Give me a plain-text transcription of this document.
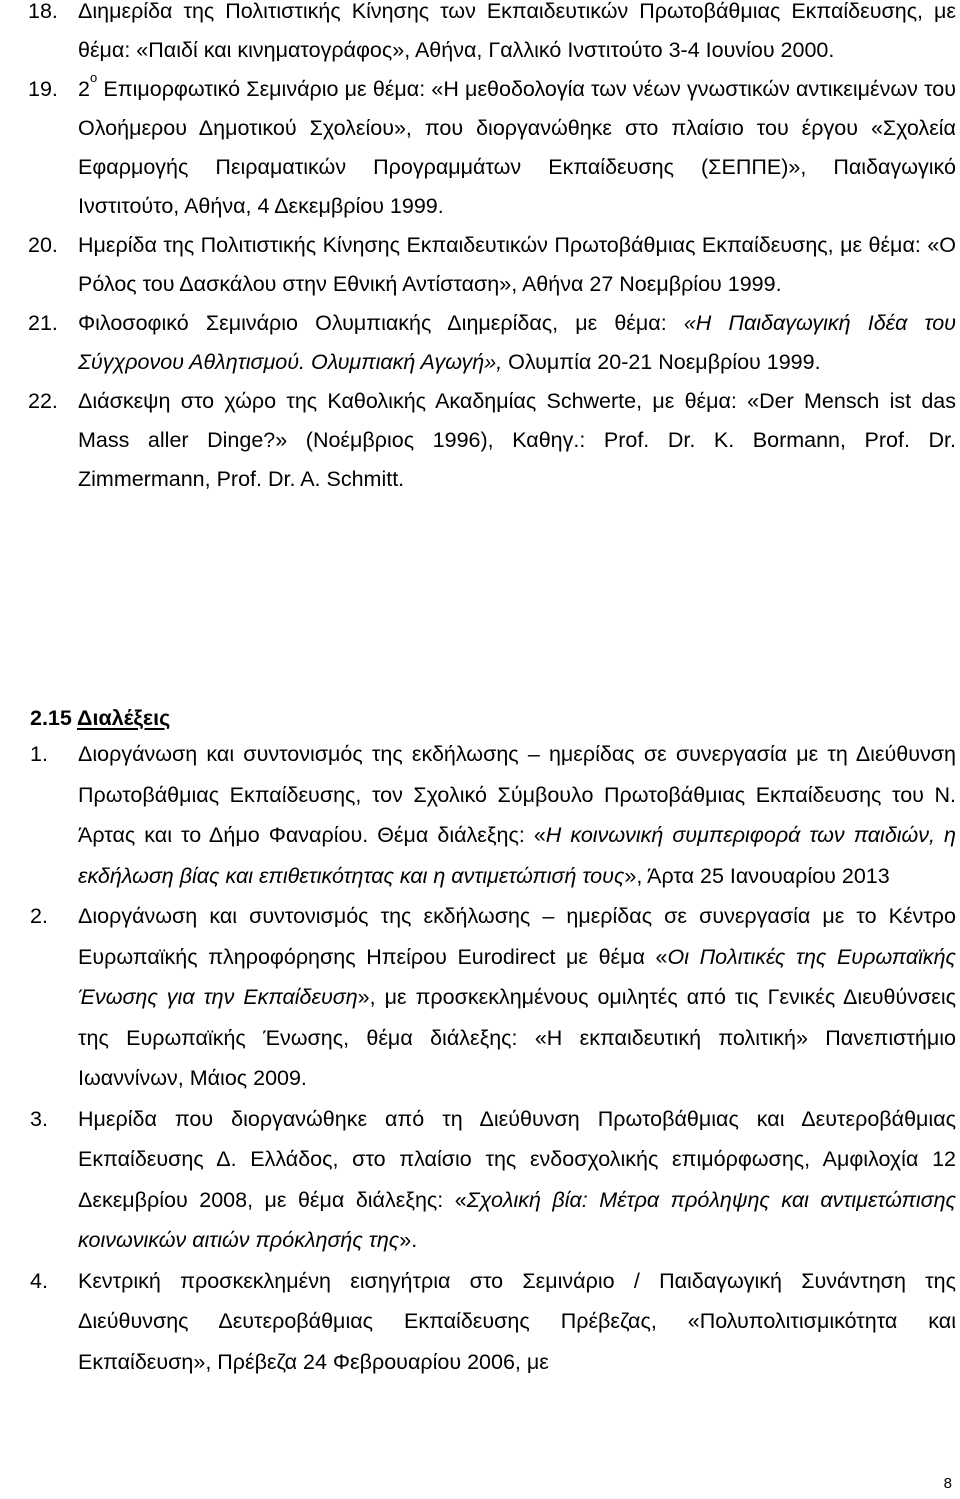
18. Διημερίδα της Πολιτιστικής Κίνησης των Εκπαιδευτικών Πρωτοβάθμιας Εκπαίδευσης, με θέμα: «Παιδί και κινηματογράφος», Αθήνα, Γαλλικό Ινστιτούτο 3-4 Ιουνίου 2000.
19. $2^o$ Επιμορφωτικό Σεμινάριο με θέμα: «Η μεθοδολογία των νέων γνωστικών αντικειμένων του Ολοήμερου Δημοτικού Σχολείου», που διοργανώθηκε στο πλαίσιο του έργου «Σχολεία Εφαρμογής Πειραματικών Προγραμμάτων Εκπαίδευσης (ΣΕΠΠΕ)», Παιδαγωγικό Ινστιτούτο, Αθήνα, 4 Δεκεμβρίου 1999.
20. Ημερίδα της Πολιτιστικής Κίνησης Εκπαιδευτικών Πρωτοβάθμιας Εκπαίδευσης, με θέμα: «Ο Ρόλος του Δασκάλου στην Εθνική Αντίσταση», Αθήνα 27 Νοεμβρίου 1999.
21. Φιλοσοφικό Σεμινάριο Ολυμπιακής Διημερίδας, με θέμα: «Η Παιδαγωγική Ιδέα του Σύγχρονου Αθλητισμού. Ολυμπιακή Αγωγή», Ολυμπία 20-21 Νοεμβρίου 1999.
22. Διάσκεψη στο χώρο της Καθολικής Ακαδημίας Schwerte, με θέμα: «Der Mensch ist das Mass aller Dinge?» (Νοέμβριος 1996), Καθηγ.: Prof. Dr. K. Bormann, Prof. Dr. Zimmermann, Prof. Dr. A. Schmitt.
2.15 Διαλέξεις
1. Διοργάνωση και συντονισμός της εκδήλωσης – ημερίδας σε συνεργασία με τη Διεύθυνση Πρωτοβάθμιας Εκπαίδευσης, τον Σχολικό Σύμβουλο Πρωτοβάθμιας Εκπαίδευσης του Ν. Άρτας και το Δήμο Φαναρίου. Θέμα διάλεξης: «Η κοινωνική συμπεριφορά των παιδιών, η εκδήλωση βίας και επιθετικότητας και η αντιμετώπισή τους», Άρτα 25 Ιανουαρίου 2013
2. Διοργάνωση και συντονισμός της εκδήλωσης – ημερίδας σε συνεργασία με το Κέντρο Ευρωπαϊκής πληροφόρησης Ηπείρου Eurodirect με θέμα «Οι Πολιτικές της Ευρωπαϊκής Ένωσης για την Εκπαίδευση», με προσκεκλημένους ομιλητές από τις Γενικές Διευθύνσεις της Ευρωπαϊκής Ένωσης, θέμα διάλεξης: «Η εκπαιδευτική πολιτική» Πανεπιστήμιο Ιωαννίνων, Μάιος 2009.
3. Ημερίδα που διοργανώθηκε από τη Διεύθυνση Πρωτοβάθμιας και Δευτεροβάθμιας Εκπαίδευσης Δ. Ελλάδος, στο πλαίσιο της ενδοσχολικής επιμόρφωσης, Αμφιλοχία 12 Δεκεμβρίου 2008, με θέμα διάλεξης: «Σχολική βία: Μέτρα πρόληψης και αντιμετώπισης κοινωνικών αιτιών πρόκλησής της».
4. Κεντρική προσκεκλημένη εισηγήτρια στο Σεμινάριο / Παιδαγωγική Συνάντηση της Διεύθυνσης Δευτεροβάθμιας Εκπαίδευσης Πρέβεζας, «Πολυπολιτισμικότητα και Εκπαίδευση», Πρέβεζα 24 Φεβρουαρίου 2006, με
8
